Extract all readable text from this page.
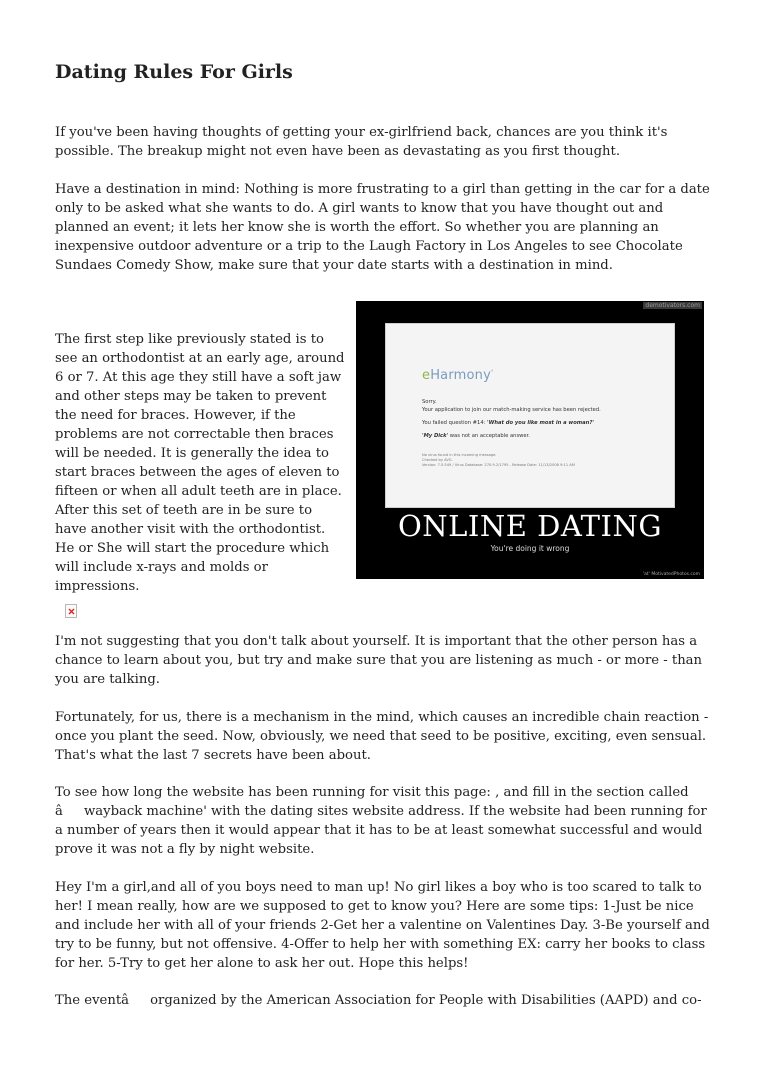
Dating Rules For Girls

If you've been having thoughts of getting your ex-girlfriend back, chances are you think it's possible. The breakup might not even have been as devastating as you first thought.

Have a destination in mind: Nothing is more frustrating to a girl than getting in the car for a date only to be asked what she wants to do. A girl wants to know that you have thought out and planned an event; it lets her know she is worth the effort. So whether you are planning an inexpensive outdoor adventure or a trip to the Laugh Factory in Los Angeles to see Chocolate Sundaes Comedy Show, make sure that your date starts with a destination in mind.

The first step like previously stated is to see an orthodontist at an early age, around 6 or 7. At this age they still have a soft jaw and other steps may be taken to prevent the need for braces. However, if the problems are not correctable then braces will be needed. It is generally the idea to start braces between the ages of eleven to fifteen or when all adult teeth are in place. After this set of teeth are in be sure to have another visit with the orthodontist. He or She will start the procedure which will include x-rays and molds or impressions.

demotivators.com
eHarmony°
Sorry.
Your application to join our match-making service has been rejected.
You failed question #14: 'What do you like most in a woman?'
'My Dick' was not an acceptable answer.
No virus found in this incoming message.
Checked by AVG.
Version: 7.5.549 / Virus Database: 270.9.2/1795 - Release Date: 11/13/2008 9:11 AM
ONLINE DATING
You're doing it wrong
'at' MotivatedPhotos.com

I'm not suggesting that you don't talk about yourself. It is important that the other person has a chance to learn about you, but try and make sure that you are listening as much - or more - than you are talking.

Fortunately, for us, there is a mechanism in the mind, which causes an incredible chain reaction - once you plant the seed. Now, obviously, we need that seed to be positive, exciting, even sensual. That's what the last 7 secrets have been about.

To see how long the website has been running for visit this page: , and fill in the section called âwayback machine' with the dating sites website address. If the website had been running for a number of years then it would appear that it has to be at least somewhat successful and would prove it was not a fly by night website.

Hey I'm a girl,and all of you boys need to man up! No girl likes a boy who is too scared to talk to her! I mean really, how are we supposed to get to know you? Here are some tips: 1-Just be nice and include her with all of your friends 2-Get her a valentine on Valentines Day. 3-Be yourself and try to be funny, but not offensive. 4-Offer to help her with something EX: carry her books to class for her. 5-Try to get her alone to ask her out. Hope this helps!

The eventâorganized by the American Association for People with Disabilities (AAPD) and co-
